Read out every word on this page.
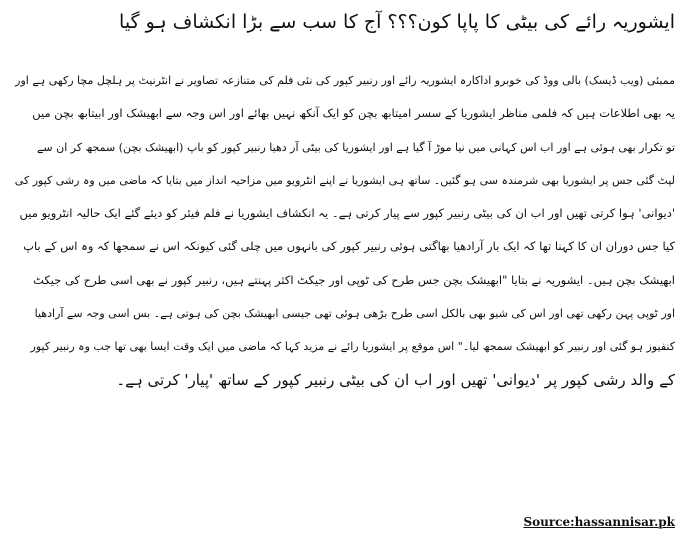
ایشوریہ رائے کی بیٹی کا پاپا کون؟؟؟ آج کا سب سے بڑا انکشاف ہو گیا
ممبئی (ویب ڈیسک) بالی ووڈ کی خوبرو اداکارہ ایشوریہ رائے اور رنبیر کپور کی نئی فلم کی متنازعہ تصاویر نے انٹرنیٹ پر ہلچل مچا رکھی ہے اور
یہ بھی اطلاعات ہیں کہ فلمی مناظر ایشوریا کے سسر امیتابھ بچن کو ایک آنکھ نہیں بھائے اور اس وجہ سے ابھیشک اور ابیتابھ بچن میں
تو تکرار بھی ہوئی ہے اور اب اس کہانی میں نیا موڑ آ گیا ہے اور ایشوریا کی بیٹی آر دھیا رنبیر کپور کو باپ (ابھیشک بچن) سمجھ کر ان سے
لپٹ گئی جس پر ایشوریا بھی شرمندہ سی ہو گئیں۔ ساتھ ہی ایشوریا نے اپنے انٹرویو میں مزاحیہ انداز میں بتایا کہ ماضی میں وہ رشی کپور کی
'دیوانی' ہوا کرتی تھیں اور اب ان کی بیٹی رنبیر کپور سے پیار کرتی ہے۔ یہ انکشاف ایشوریا نے فلم فیئر کو دیئے گئے ایک حالیہ انٹرویو میں
کیا جس دوران ان کا کہنا تھا کہ ایک بار آرادھیا بھاگتی ہوئی رنبیر کپور کی بانہوں میں چلی گئی کیونکہ اس نے سمجھا کہ وہ اس کے باپ
ابھیشک بچن ہیں۔ ایشوریہ نے بتایا "ابھیشک بچن جس طرح کی ٹوپی اور جیکٹ اکثر پہنتے ہیں، رنبیر کپور نے بھی اسی طرح کی جیکٹ
اور ٹوپی پہن رکھی تھی اور اس کی شیو بھی بالکل اسی طرح بڑھی ہوئی تھی جیسی ابھیشک بچن کی ہوتی ہے۔ بس اسی وجہ سے آرادھیا
کنفیوز ہو گئی اور رنبیر کو ابھیشک سمجھ لیا۔" اس موقع پر ایشوریا رائے نے مزید کہا کہ ماضی میں ایک وقت ایسا بھی تھا جب وہ رنبیر کپور
کے والد رشی کپور پر 'دیوانی' تھیں اور اب ان کی بیٹی رنبیر کپور کے ساتھ 'پیار' کرتی ہے۔
Source:hassannisar.pk
